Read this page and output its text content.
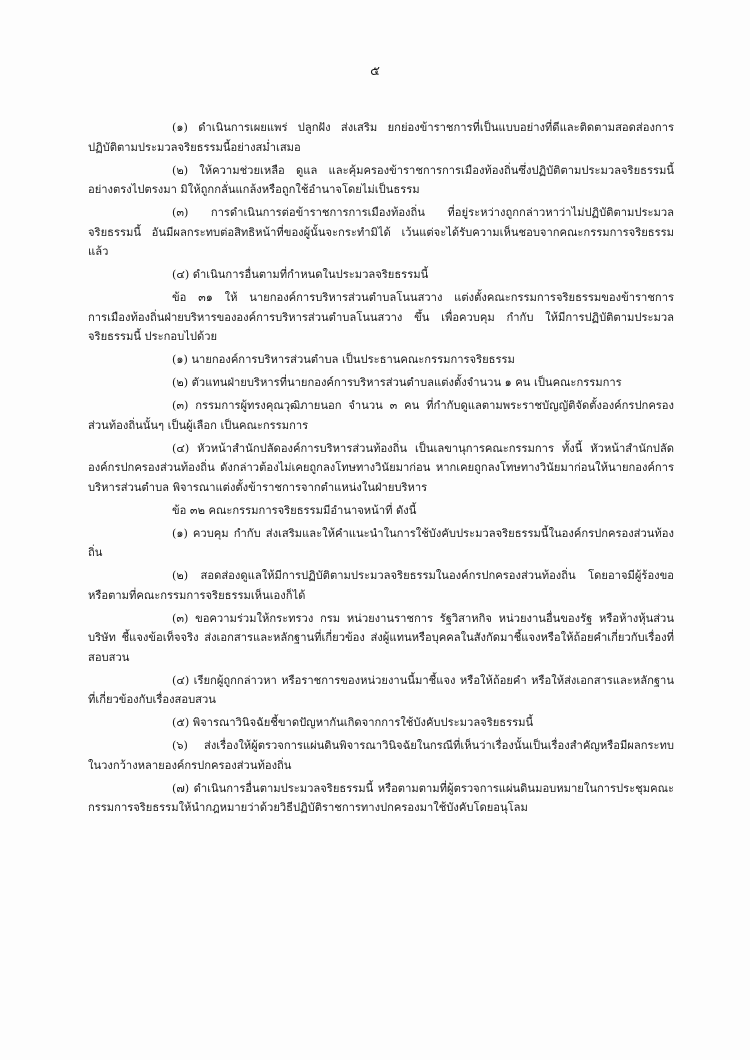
๕

(๑) ดำเนินการเผยแพร่ ปลูกฝัง ส่งเสริม ยกย่องข้าราชการที่เป็นแบบอย่างที่ดีและติดตามสอดส่องการปฏิบัติตามประมวลจริยธรรมนี้อย่างสม่ำเสมอ

(๒) ให้ความช่วยเหลือ ดูแล และคุ้มครองข้าราชการการเมืองท้องถิ่นซึ่งปฏิบัติตามประมวลจริยธรรมนี้อย่างตรงไปตรงมา มิให้ถูกกลั่นแกล้งหรือถูกใช้อำนาจโดยไม่เป็นธรรม

(๓) การดำเนินการต่อข้าราชการการเมืองท้องถิ่น ที่อยู่ระหว่างถูกกล่าวหาว่าไม่ปฏิบัติตามประมวลจริยธรรมนี้ อันมีผลกระทบต่อสิทธิหน้าที่ของผู้นั้นจะกระทำมิได้ เว้นแต่จะได้รับความเห็นชอบจากคณะกรรมการจริยธรรมแล้ว

(๔) ดำเนินการอื่นตามที่กำหนดในประมวลจริยธรรมนี้

ข้อ ๓๑ ให้ นายกองค์การบริหารส่วนตำบลโนนสวาง แต่งตั้งคณะกรรมการจริยธรรมของข้าราชการการเมืองท้องถิ่นฝ่ายบริหารขององค์การบริหารส่วนตำบลโนนสวาง ขึ้น เพื่อควบคุม กำกับ ให้มีการปฏิบัติตามประมวลจริยธรรมนี้ ประกอบไปด้วย

(๑) นายกองค์การบริหารส่วนตำบล เป็นประธานคณะกรรมการจริยธรรม

(๒) ตัวแทนฝ่ายบริหารที่นายกองค์การบริหารส่วนตำบลแต่งตั้งจำนวน ๑ คน เป็นคณะกรรมการ

(๓) กรรมการผู้ทรงคุณวุฒิภายนอก จำนวน ๓ คน ที่กำกับดูแลตามพระราชบัญญัติจัดตั้งองค์กรปกครองส่วนท้องถิ่นนั้นๆ เป็นผู้เลือก เป็นคณะกรรมการ

(๔) หัวหน้าสำนักปลัดองค์การบริหารส่วนท้องถิ่น เป็นเลขานุการคณะกรรมการ ทั้งนี้ หัวหน้าสำนักปลัดองค์กรปกครองส่วนท้องถิ่น ดังกล่าวต้องไม่เคยถูกลงโทษทางวินัยมาก่อน หากเคยถูกลงโทษทางวินัยมาก่อนให้นายกองค์การบริหารส่วนตำบล พิจารณาแต่งตั้งข้าราชการจากตำแหน่งในฝ่ายบริหาร

ข้อ ๓๒ คณะกรรมการจริยธรรมมีอำนาจหน้าที่ ดังนี้

(๑) ควบคุม กำกับ ส่งเสริมและให้คำแนะนำในการใช้บังคับประมวลจริยธรรมนี้ในองค์กรปกครองส่วนท้องถิ่น

(๒) สอดส่องดูแลให้มีการปฏิบัติตามประมวลจริยธรรมในองค์กรปกครองส่วนท้องถิ่น โดยอาจมีผู้ร้องขอหรือตามที่คณะกรรมการจริยธรรมเห็นเองก็ได้

(๓) ขอความร่วมให้กระทรวง กรม หน่วยงานราชการ รัฐวิสาหกิจ หน่วยงานอื่นของรัฐ หรือห้างหุ้นส่วน บริษัท ชี้แจงข้อเท็จจริง ส่งเอกสารและหลักฐานที่เกี่ยวข้อง ส่งผู้แทนหรือบุคคลในสังกัดมาชี้แจงหรือให้ถ้อยคำเกี่ยวกับเรื่องที่สอบสวน

(๔) เรียกผู้ถูกกล่าวหา หรือราชการของหน่วยงานนี้มาชี้แจง หรือให้ถ้อยคำ หรือให้ส่งเอกสารและหลักฐานที่เกี่ยวข้องกับเรื่องสอบสวน

(๕) พิจารณาวินิจฉัยชี้ขาดปัญหากันเกิดจากการใช้บังคับประมวลจริยธรรมนี้

(๖) ส่งเรื่องให้ผู้ตรวจการแผ่นดินพิจารณาวินิจฉัยในกรณีที่เห็นว่าเรื่องนั้นเป็นเรื่องสำคัญหรือมีผลกระทบในวงกว้างหลายองค์กรปกครองส่วนท้องถิ่น

(๗) ดำเนินการอื่นตามประมวลจริยธรรมนี้ หรือตามตามที่ผู้ตรวจการแผ่นดินมอบหมายในการประชุมคณะกรรมการจริยธรรมให้นำกฎหมายว่าด้วยวิธีปฏิบัติราชการทางปกครองมาใช้บังคับโดยอนุโลม
